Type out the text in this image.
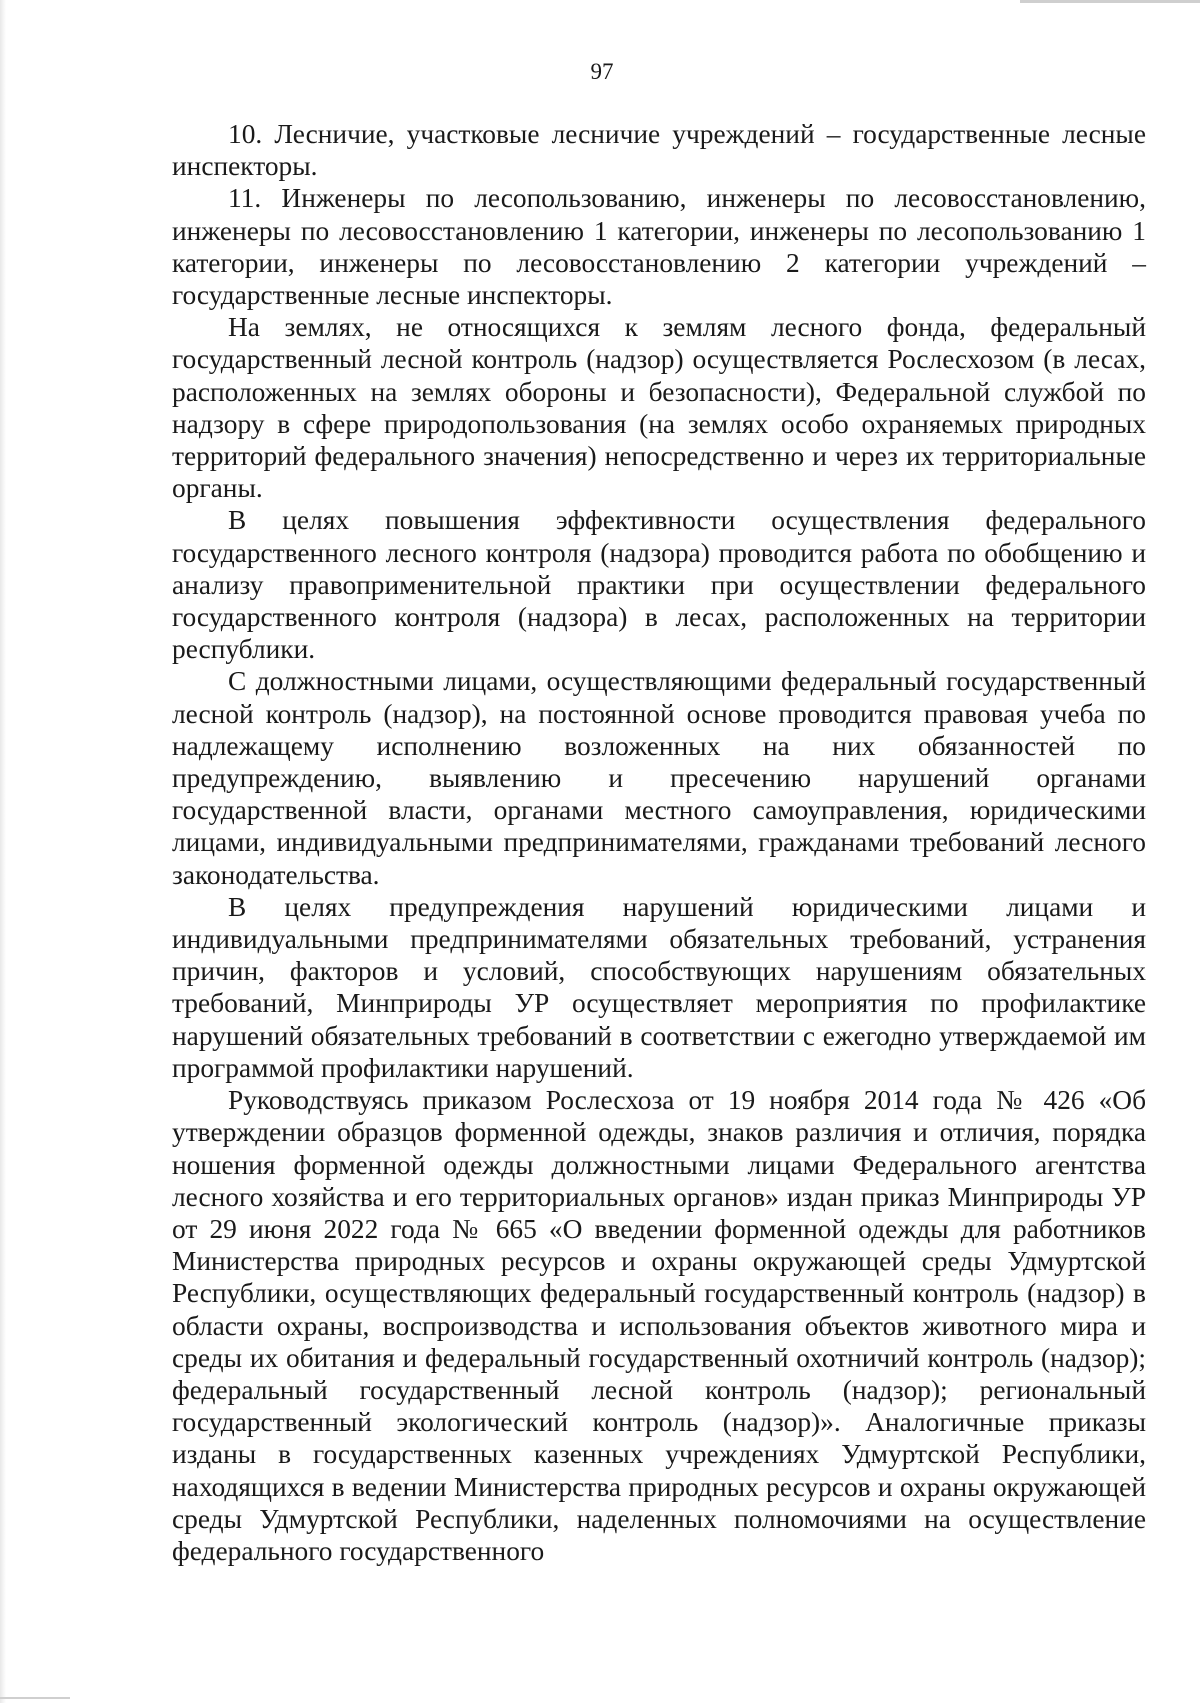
97

10. Лесничие, участковые лесничие учреждений – государственные лесные инспекторы.

11. Инженеры по лесопользованию, инженеры по лесовосстановлению, инженеры по лесовосстановлению 1 категории, инженеры по лесопользованию 1 категории, инженеры по лесовосстановлению 2 категории учреждений – государственные лесные инспекторы.

На землях, не относящихся к землям лесного фонда, федеральный государственный лесной контроль (надзор) осуществляется Рослесхозом (в лесах, расположенных на землях обороны и безопасности), Федеральной службой по надзору в сфере природопользования (на землях особо охраняемых природных территорий федерального значения) непосредственно и через их территориальные органы.

В целях повышения эффективности осуществления федерального государственного лесного контроля (надзора) проводится работа по обобщению и анализу правоприменительной практики при осуществлении федерального государственного контроля (надзора) в лесах, расположенных на территории республики.

С должностными лицами, осуществляющими федеральный государственный лесной контроль (надзор), на постоянной основе проводится правовая учеба по надлежащему исполнению возложенных на них обязанностей по предупреждению, выявлению и пресечению нарушений органами государственной власти, органами местного самоуправления, юридическими лицами, индивидуальными предпринимателями, гражданами требований лесного законодательства.

В целях предупреждения нарушений юридическими лицами и индивидуальными предпринимателями обязательных требований, устранения причин, факторов и условий, способствующих нарушениям обязательных требований, Минприроды УР осуществляет мероприятия по профилактике нарушений обязательных требований в соответствии с ежегодно утверждаемой им программой профилактики нарушений.

Руководствуясь приказом Рослесхоза от 19 ноября 2014 года № 426 «Об утверждении образцов форменной одежды, знаков различия и отличия, порядка ношения форменной одежды должностными лицами Федерального агентства лесного хозяйства и его территориальных органов» издан приказ Минприроды УР от 29 июня 2022 года № 665 «О введении форменной одежды для работников Министерства природных ресурсов и охраны окружающей среды Удмуртской Республики, осуществляющих федеральный государственный контроль (надзор) в области охраны, воспроизводства и использования объектов животного мира и среды их обитания и федеральный государственный охотничий контроль (надзор); федеральный государственный лесной контроль (надзор); региональный государственный экологический контроль (надзор)». Аналогичные приказы изданы в государственных казенных учреждениях Удмуртской Республики, находящихся в ведении Министерства природных ресурсов и охраны окружающей среды Удмуртской Республики, наделенных полномочиями на осуществление федерального государственного
